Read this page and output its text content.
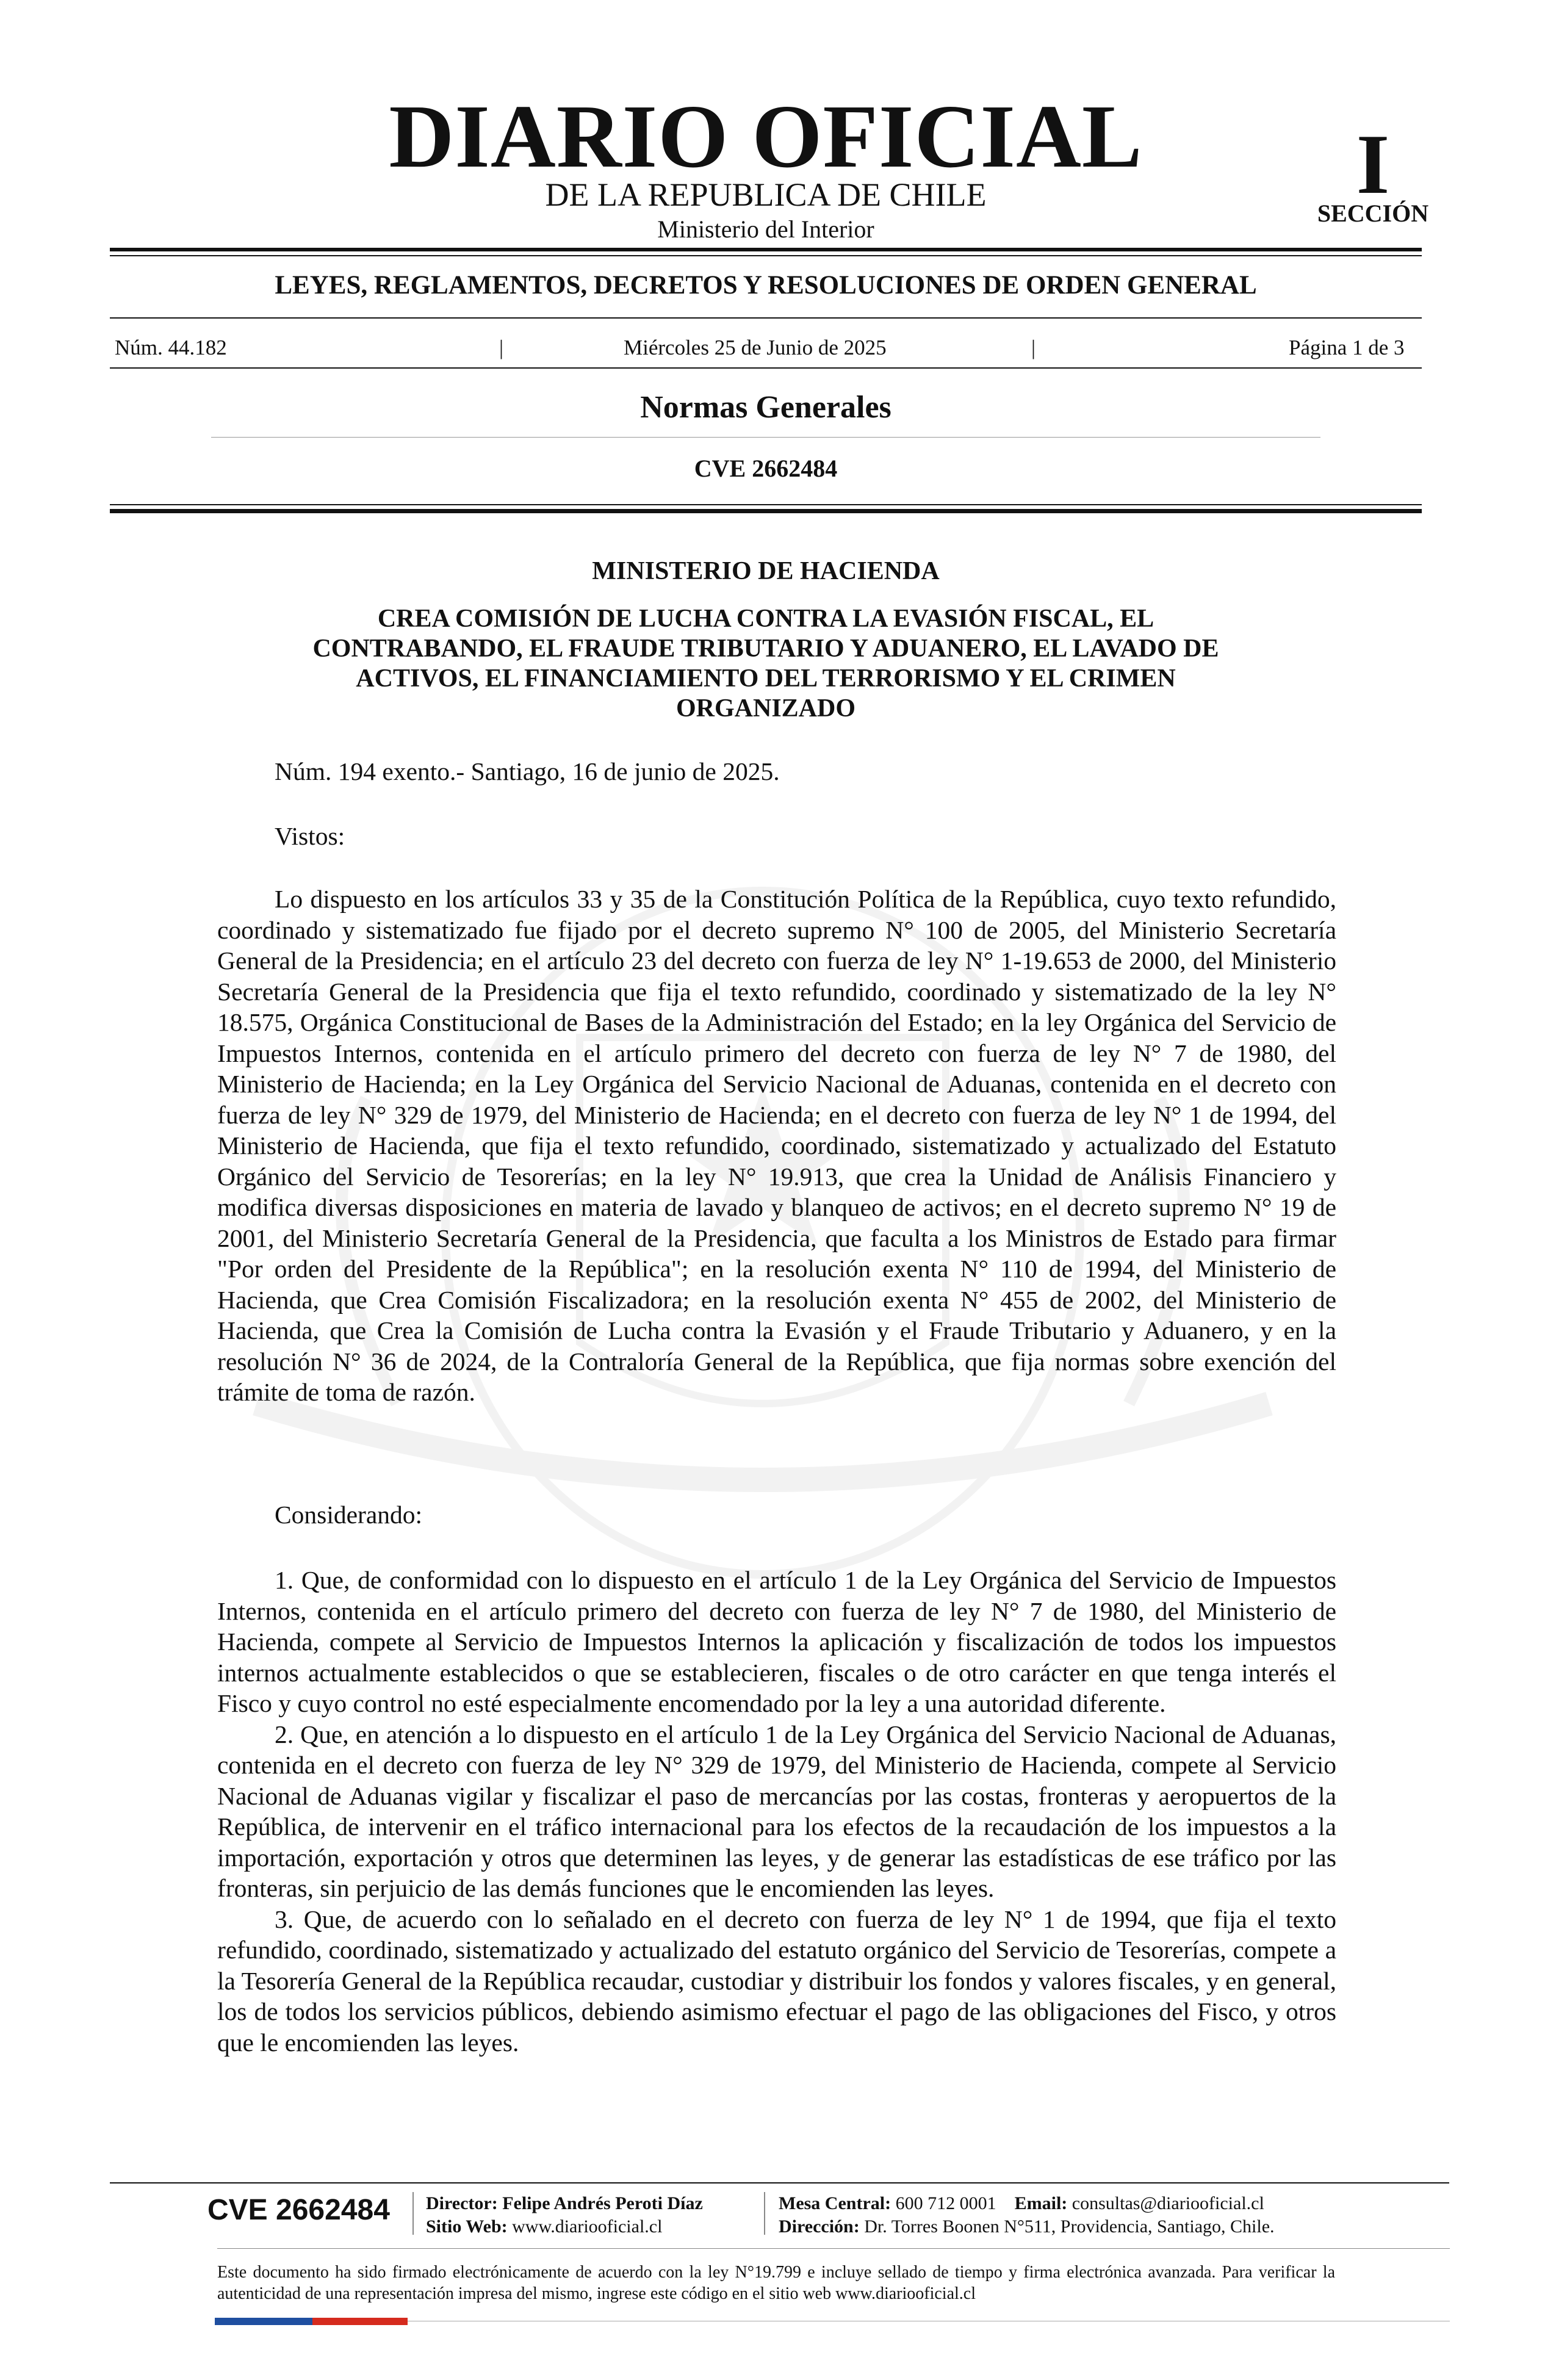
DIARIO OFICIAL
DE LA REPUBLICA DE CHILE
Ministerio del Interior
I
SECCIÓN
LEYES, REGLAMENTOS, DECRETOS Y RESOLUCIONES DE ORDEN GENERAL
Núm. 44.182	|	Miércoles 25 de Junio de 2025	|	Página 1 de 3
Normas Generales
CVE 2662484
MINISTERIO DE HACIENDA
CREA COMISIÓN DE LUCHA CONTRA LA EVASIÓN FISCAL, EL
CONTRABANDO, EL FRAUDE TRIBUTARIO Y ADUANERO, EL LAVADO DE
ACTIVOS, EL FINANCIAMIENTO DEL TERRORISMO Y EL CRIMEN
ORGANIZADO
Núm. 194 exento.- Santiago, 16 de junio de 2025.
Vistos:

Lo dispuesto en los artículos 33 y 35 de la Constitución Política de la República, cuyo texto refundido, coordinado y sistematizado fue fijado por el decreto supremo N° 100 de 2005, del Ministerio Secretaría General de la Presidencia; en el artículo 23 del decreto con fuerza de ley N° 1-19.653 de 2000, del Ministerio Secretaría General de la Presidencia que fija el texto refundido, coordinado y sistematizado de la ley N° 18.575, Orgánica Constitucional de Bases de la Administración del Estado; en la ley Orgánica del Servicio de Impuestos Internos, contenida en el artículo primero del decreto con fuerza de ley N° 7 de 1980, del Ministerio de Hacienda; en la Ley Orgánica del Servicio Nacional de Aduanas, contenida en el decreto con fuerza de ley N° 329 de 1979, del Ministerio de Hacienda; en el decreto con fuerza de ley N° 1 de 1994, del Ministerio de Hacienda, que fija el texto refundido, coordinado, sistematizado y actualizado del Estatuto Orgánico del Servicio de Tesorerías; en la ley N° 19.913, que crea la Unidad de Análisis Financiero y modifica diversas disposiciones en materia de lavado y blanqueo de activos; en el decreto supremo N° 19 de 2001, del Ministerio Secretaría General de la Presidencia, que faculta a los Ministros de Estado para firmar "Por orden del Presidente de la República"; en la resolución exenta N° 110 de 1994, del Ministerio de Hacienda, que Crea Comisión Fiscalizadora; en la resolución exenta N° 455 de 2002, del Ministerio de Hacienda, que Crea la Comisión de Lucha contra la Evasión y el Fraude Tributario y Aduanero, y en la resolución N° 36 de 2024, de la Contraloría General de la República, que fija normas sobre exención del trámite de toma de razón.

Considerando:

1. Que, de conformidad con lo dispuesto en el artículo 1 de la Ley Orgánica del Servicio de Impuestos Internos, contenida en el artículo primero del decreto con fuerza de ley N° 7 de 1980, del Ministerio de Hacienda, compete al Servicio de Impuestos Internos la aplicación y fiscalización de todos los impuestos internos actualmente establecidos o que se establecieren, fiscales o de otro carácter en que tenga interés el Fisco y cuyo control no esté especialmente encomendado por la ley a una autoridad diferente.

2. Que, en atención a lo dispuesto en el artículo 1 de la Ley Orgánica del Servicio Nacional de Aduanas, contenida en el decreto con fuerza de ley N° 329 de 1979, del Ministerio de Hacienda, compete al Servicio Nacional de Aduanas vigilar y fiscalizar el paso de mercancías por las costas, fronteras y aeropuertos de la República, de intervenir en el tráfico internacional para los efectos de la recaudación de los impuestos a la importación, exportación y otros que determinen las leyes, y de generar las estadísticas de ese tráfico por las fronteras, sin perjuicio de las demás funciones que le encomienden las leyes.

3. Que, de acuerdo con lo señalado en el decreto con fuerza de ley N° 1 de 1994, que fija el texto refundido, coordinado, sistematizado y actualizado del estatuto orgánico del Servicio de Tesorerías, compete a la Tesorería General de la República recaudar, custodiar y distribuir los fondos y valores fiscales, y en general, los de todos los servicios públicos, debiendo asimismo efectuar el pago de las obligaciones del Fisco, y otros que le encomienden las leyes.

CVE 2662484 Director: Felipe Andrés Peroti Díaz
Sitio Web: www.diariooficial.cl
Mesa Central: 600 712 0001 Email: consultas@diariooficial.cl
Dirección: Dr. Torres Boonen N°511, Providencia, Santiago, Chile.
Este documento ha sido firmado electrónicamente de acuerdo con la ley N°19.799 e incluye sellado de tiempo y firma electrónica avanzada. Para verificar la autenticidad de una representación impresa del mismo, ingrese este código en el sitio web www.diariooficial.cl
